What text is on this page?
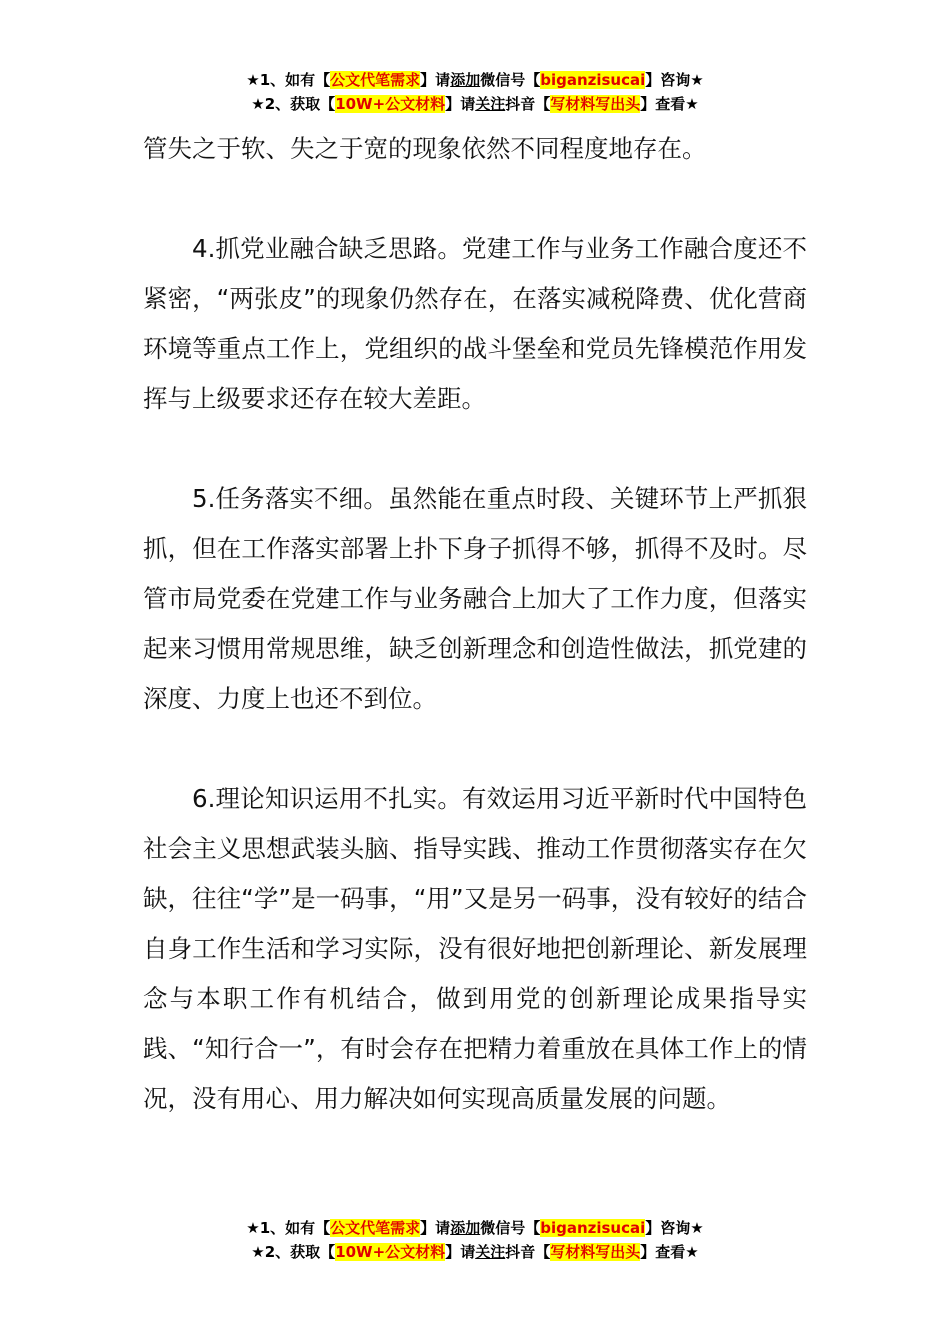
★1、如有【公文代笔需求】请添加微信号【biganzisucai】咨询★
★2、获取【10W+公文材料】请关注抖音【写材料写出头】查看★

管失之于软、失之于宽的现象依然不同程度地存在。

4.抓党业融合缺乏思路。党建工作与业务工作融合度还不紧密，“两张皮”的现象仍然存在，在落实减税降费、优化营商环境等重点工作上，党组织的战斗堡垒和党员先锋模范作用发挥与上级要求还存在较大差距。

5.任务落实不细。虽然能在重点时段、关键环节上严抓狠抓，但在工作落实部署上扑下身子抓得不够，抓得不及时。尽管市局党委在党建工作与业务融合上加大了工作力度，但落实起来习惯用常规思维，缺乏创新理念和创造性做法，抓党建的深度、力度上也还不到位。

6.理论知识运用不扎实。有效运用习近平新时代中国特色社会主义思想武装头脑、指导实践、推动工作贯彻落实存在欠缺，往往“学”是一码事，“用”又是另一码事，没有较好的结合自身工作生活和学习实际，没有很好地把创新理论、新发展理念与本职工作有机结合，做到用党的创新理论成果指导实践、“知行合一”，有时会存在把精力着重放在具体工作上的情况，没有用心、用力解决如何实现高质量发展的问题。

★1、如有【公文代笔需求】请添加微信号【biganzisucai】咨询★
★2、获取【10W+公文材料】请关注抖音【写材料写出头】查看★
